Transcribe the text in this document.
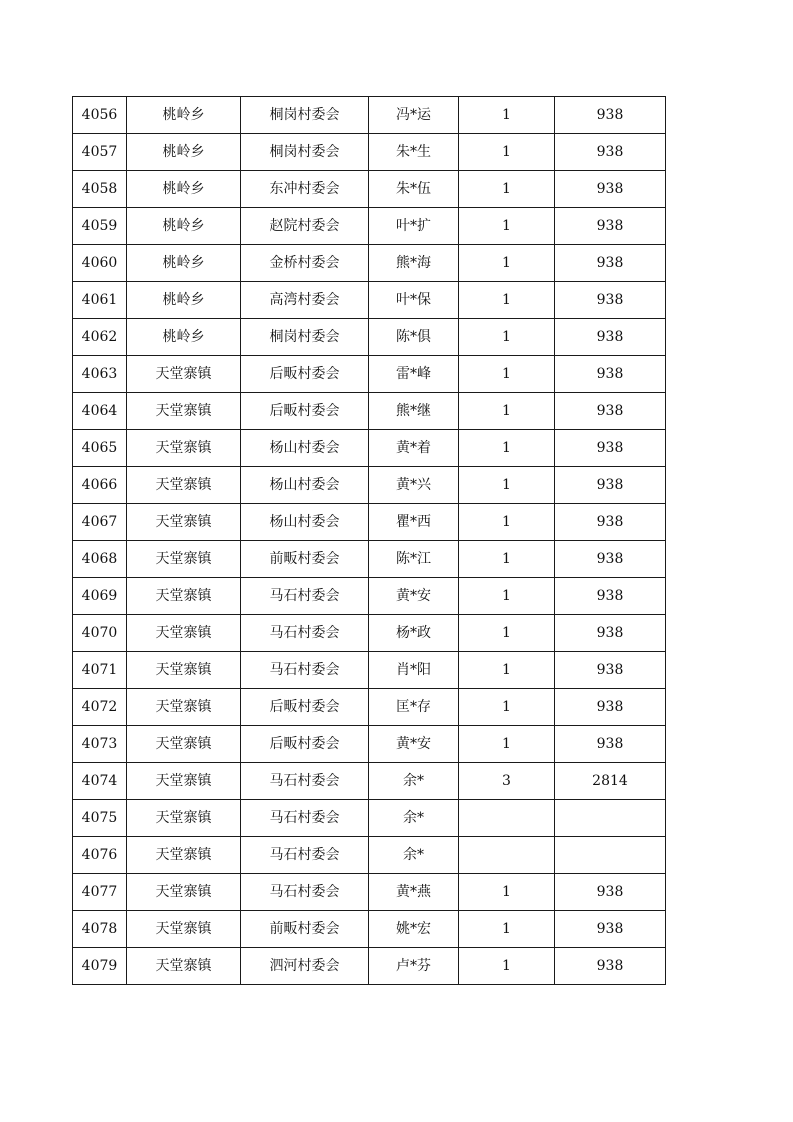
4056	桃岭乡	桐岗村委会	冯*运	1	938
4057	桃岭乡	桐岗村委会	朱*生	1	938
4058	桃岭乡	东冲村委会	朱*伍	1	938
4059	桃岭乡	赵院村委会	叶*扩	1	938
4060	桃岭乡	金桥村委会	熊*海	1	938
4061	桃岭乡	高湾村委会	叶*保	1	938
4062	桃岭乡	桐岗村委会	陈*俱	1	938
4063	天堂寨镇	后畈村委会	雷*峰	1	938
4064	天堂寨镇	后畈村委会	熊*继	1	938
4065	天堂寨镇	杨山村委会	黄*着	1	938
4066	天堂寨镇	杨山村委会	黄*兴	1	938
4067	天堂寨镇	杨山村委会	瞿*西	1	938
4068	天堂寨镇	前畈村委会	陈*江	1	938
4069	天堂寨镇	马石村委会	黄*安	1	938
4070	天堂寨镇	马石村委会	杨*政	1	938
4071	天堂寨镇	马石村委会	肖*阳	1	938
4072	天堂寨镇	后畈村委会	匡*存	1	938
4073	天堂寨镇	后畈村委会	黄*安	1	938
4074	天堂寨镇	马石村委会	余*	3	2814
4075	天堂寨镇	马石村委会	余*		
4076	天堂寨镇	马石村委会	余*		
4077	天堂寨镇	马石村委会	黄*燕	1	938
4078	天堂寨镇	前畈村委会	姚*宏	1	938
4079	天堂寨镇	泗河村委会	卢*芬	1	938
